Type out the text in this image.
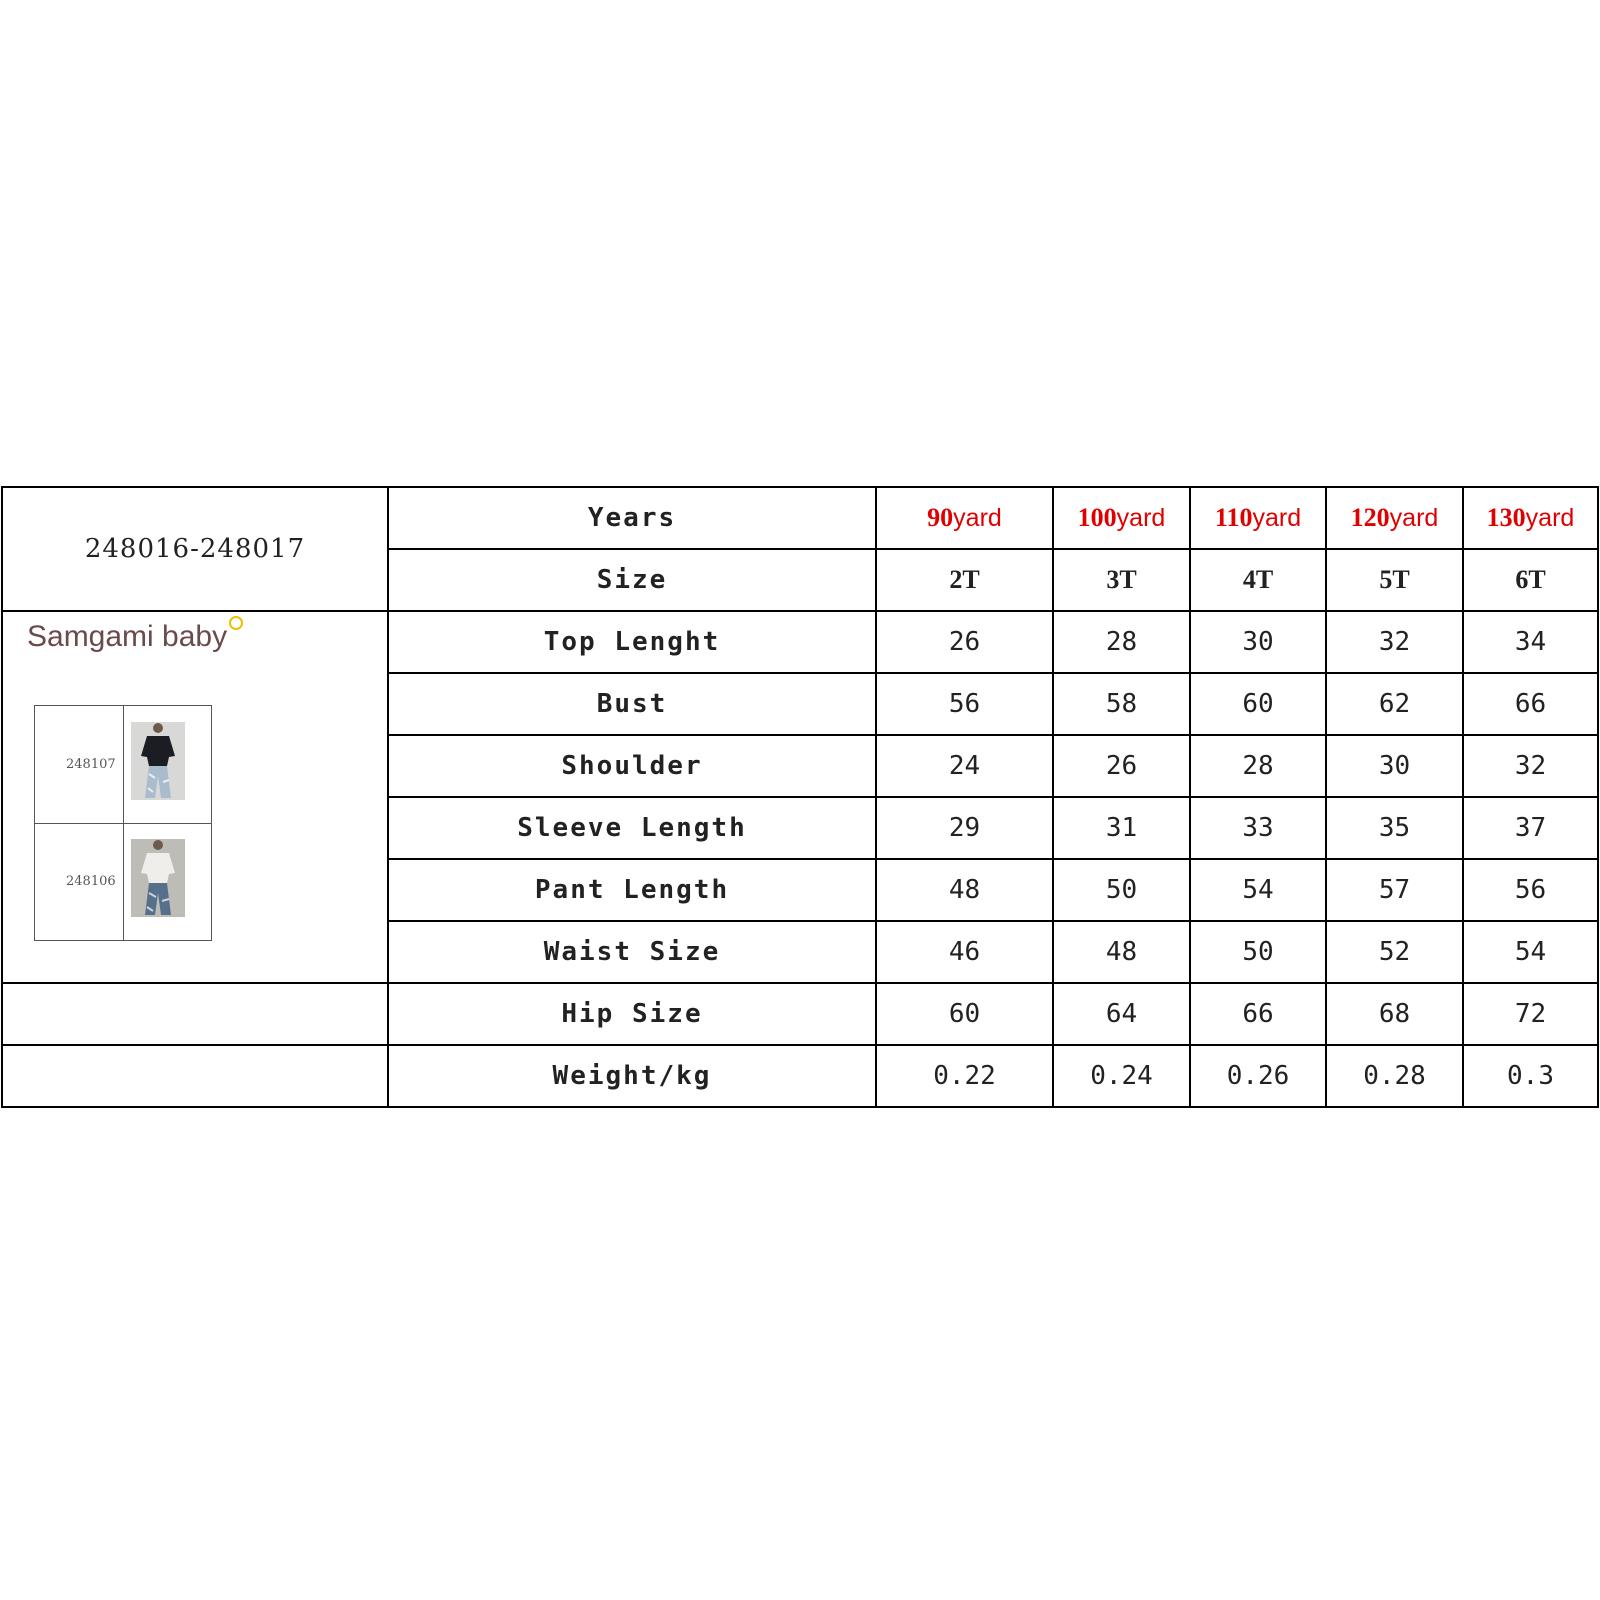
248016-248017	Years	90yard	100yard	110yard	120yard	130yard
	Size	2T	3T	4T	5T	6T

Samgami baby
248107
248106	Top Lenght	26	28	30	32	34
	Bust	56	58	60	62	66
	Shoulder	24	26	28	30	32
	Sleeve Length	29	31	33	35	37
	Pant Length	48	50	54	57	56
	Waist Size	46	48	50	52	54
	Hip Size	60	64	66	68	72
	Weight/kg	0.22	0.24	0.26	0.28	0.3
